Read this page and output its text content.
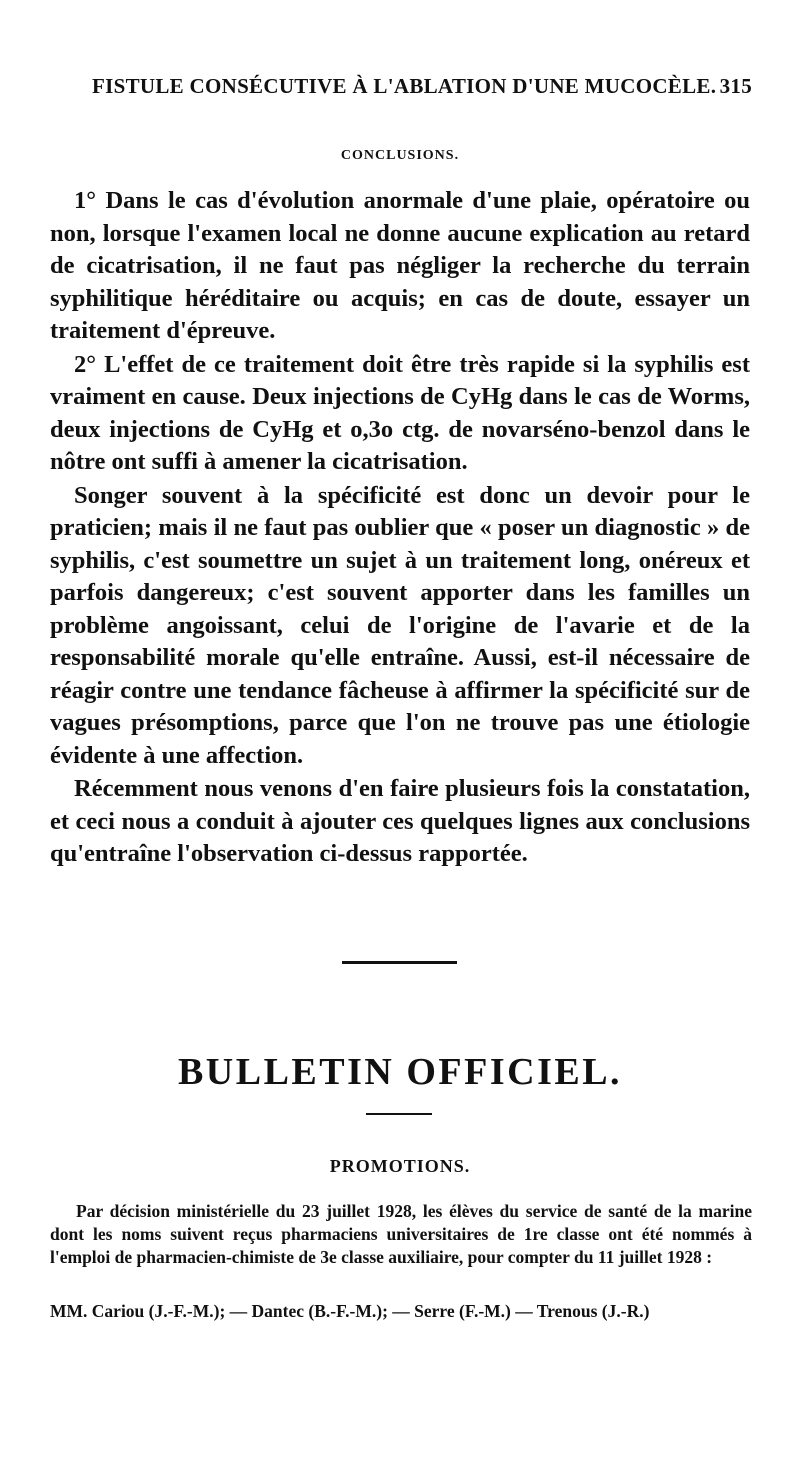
FISTULE CONSÉCUTIVE À L'ABLATION D'UNE MUCOCÈLE. 315
CONCLUSIONS.

1° Dans le cas d'évolution anormale d'une plaie, opératoire ou non, lorsque l'examen local ne donne aucune explication au retard de cicatrisation, il ne faut pas négliger la recherche du terrain syphilitique héréditaire ou acquis; en cas de doute, essayer un traitement d'épreuve.

2° L'effet de ce traitement doit être très rapide si la syphilis est vraiment en cause. Deux injections de CyHg dans le cas de Worms, deux injections de CyHg et o,3o ctg. de novarséno-benzol dans le nôtre ont suffi à amener la cicatrisation.

Songer souvent à la spécificité est donc un devoir pour le praticien; mais il ne faut pas oublier que « poser un diagnostic » de syphilis, c'est soumettre un sujet à un traitement long, onéreux et parfois dangereux; c'est souvent apporter dans les familles un problème angoissant, celui de l'origine de l'avarie et de la responsabilité morale qu'elle entraîne. Aussi, est-il nécessaire de réagir contre une tendance fâcheuse à affirmer la spécificité sur de vagues présomptions, parce que l'on ne trouve pas une étiologie évidente à une affection.

Récemment nous venons d'en faire plusieurs fois la constatation, et ceci nous a conduit à ajouter ces quelques lignes aux conclusions qu'entraîne l'observation ci-dessus rapportée.

BULLETIN OFFICIEL.
PROMOTIONS.

Par décision ministérielle du 23 juillet 1928, les élèves du service de santé de la marine dont les noms suivent reçus pharmaciens universitaires de 1re classe ont été nommés à l'emploi de pharmacien-chimiste de 3e classe auxiliaire, pour compter du 11 juillet 1928 :

MM. Cariou (J.-F.-M.); — Dantec (B.-F.-M.); — Serre (F.-M.) — Trenous (J.-R.)
